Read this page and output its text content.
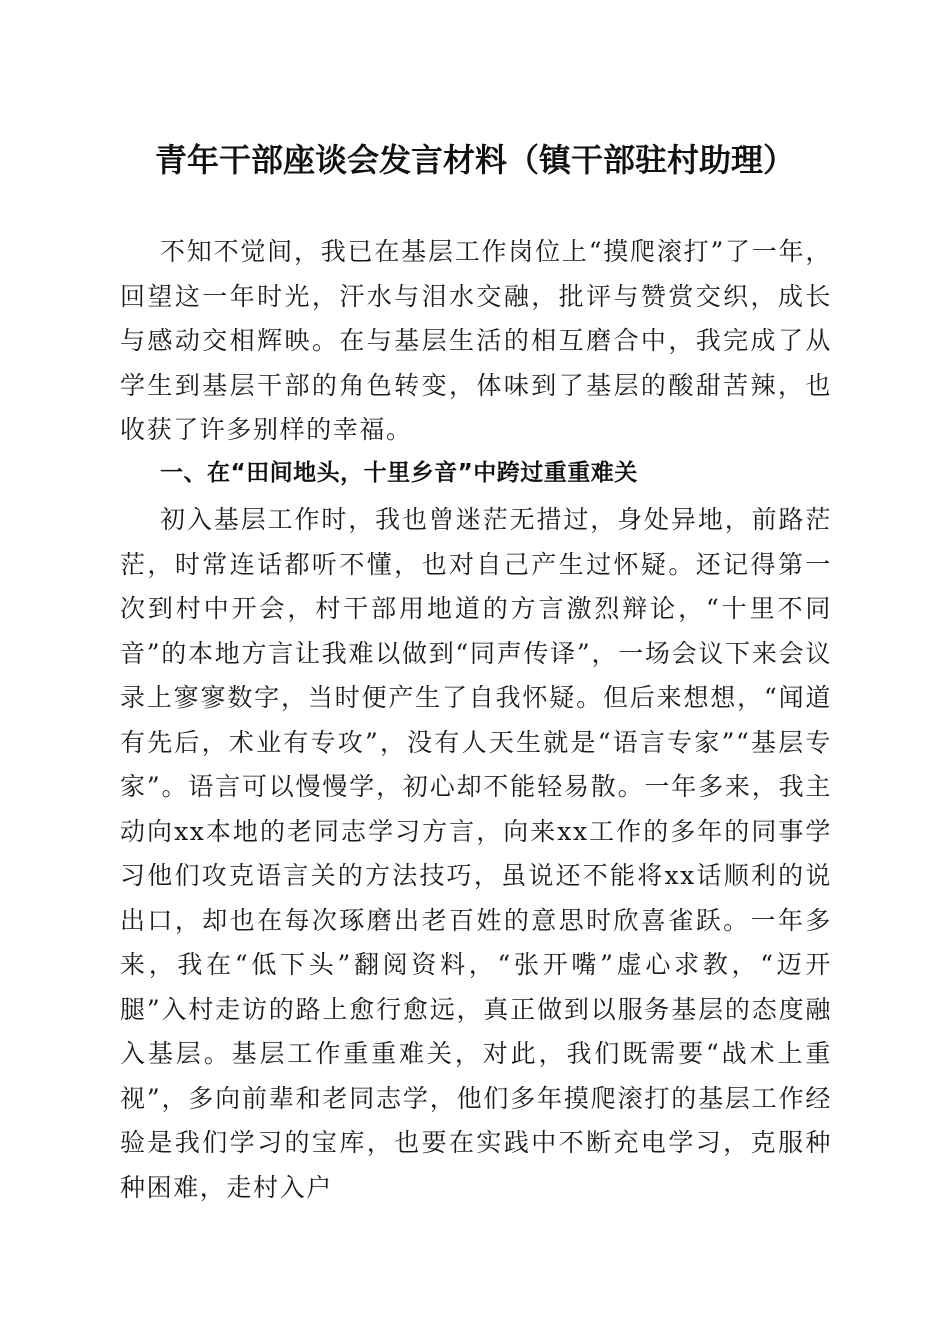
青年干部座谈会发言材料（镇干部驻村助理）

不知不觉间，我已在基层工作岗位上“摸爬滚打”了一年，回望这一年时光，汗水与泪水交融，批评与赞赏交织，成长与感动交相辉映。在与基层生活的相互磨合中，我完成了从学生到基层干部的角色转变，体味到了基层的酸甜苦辣，也收获了许多别样的幸福。

一、在“田间地头，十里乡音”中跨过重重难关

初入基层工作时，我也曾迷茫无措过，身处异地，前路茫茫，时常连话都听不懂，也对自己产生过怀疑。还记得第一次到村中开会，村干部用地道的方言激烈辩论，“十里不同音”的本地方言让我难以做到“同声传译”，一场会议下来会议录上寥寥数字，当时便产生了自我怀疑。但后来想想，“闻道有先后，术业有专攻”，没有人天生就是“语言专家”“基层专家”。语言可以慢慢学，初心却不能轻易散。一年多来，我主动向xx本地的老同志学习方言，向来xx工作的多年的同事学习他们攻克语言关的方法技巧，虽说还不能将xx话顺利的说出口，却也在每次琢磨出老百姓的意思时欣喜雀跃。一年多来，我在“低下头”翻阅资料，“张开嘴”虚心求教，“迈开腿”入村走访的路上愈行愈远，真正做到以服务基层的态度融入基层。基层工作重重难关，对此，我们既需要“战术上重视”，多向前辈和老同志学，他们多年摸爬滚打的基层工作经验是我们学习的宝库，也要在实践中不断充电学习，克服种种困难，走村入户
